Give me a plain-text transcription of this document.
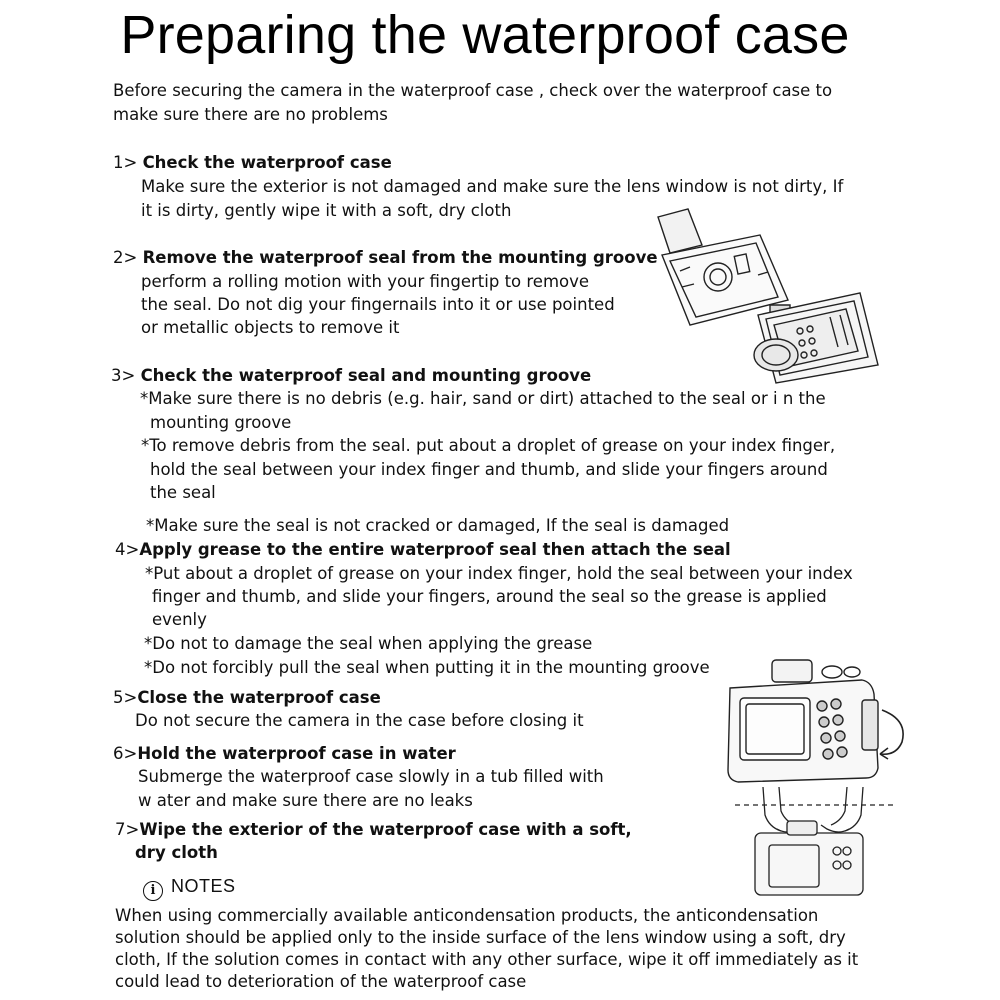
Preparing the waterproof case
Before securing the camera in the waterproof case , check over the waterproof case to
make sure there are no problems
1> Check the waterproof case
Make sure the exterior is not damaged and make sure the lens window is not dirty, If
it is dirty, gently wipe it with a soft, dry cloth
2> Remove the waterproof seal from the mounting groove
perform a rolling motion with your fingertip to remove
the seal. Do not dig your fingernails into it or use pointed
or metallic objects to remove it
3> Check the waterproof seal and mounting groove
*Make sure there is no debris (e.g. hair, sand or dirt) attached to the seal or i n the
mounting groove
*To remove debris from the seal. put about a droplet of grease on your index finger,
hold the seal between your index finger and thumb, and slide your fingers around
the seal
*Make sure the seal is not cracked or damaged, If the seal is damaged
4>Apply grease to the entire waterproof seal then attach the seal
*Put about a droplet of grease on your index finger, hold the seal between your index
finger and thumb, and slide your fingers, around the seal so the grease is applied
evenly
*Do not to damage the seal when applying the grease
*Do not forcibly pull the seal when putting it in the mounting groove
5>Close the waterproof case
Do not secure the camera in the case before closing it
6>Hold the waterproof case in water
Submerge the waterproof case slowly in a tub filled with
w ater and make sure there are no leaks
7>Wipe the exterior of the waterproof case with a soft,
dry cloth
i NOTES
When using commercially available anticondensation products, the anticondensation
solution should be applied only to the inside surface of the lens window using a soft, dry
cloth, If the solution comes in contact with any other surface, wipe it off immediately as it
could lead to deterioration of the waterproof case
